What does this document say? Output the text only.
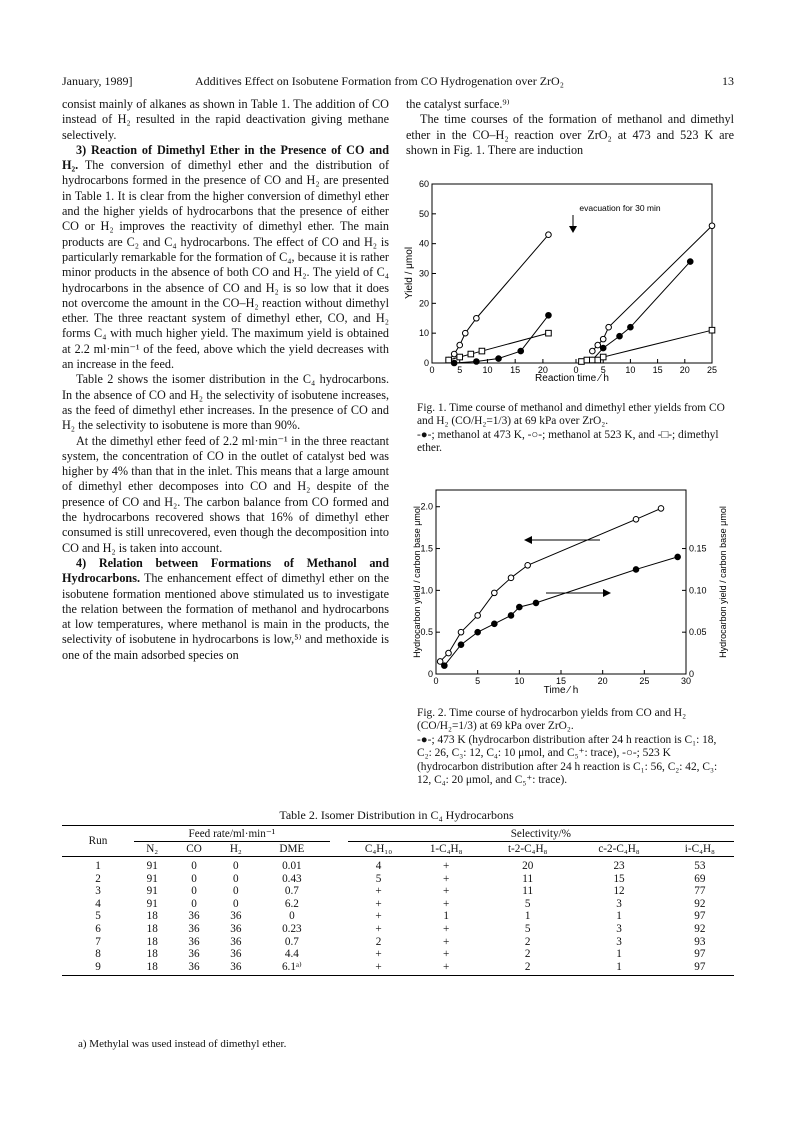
January, 1989]	Additives Effect on Isobutene Formation from CO Hydrogenation over ZrO₂	13

consist mainly of alkanes as shown in Table 1. The addition of CO instead of H₂ resulted in the rapid deactivation giving methane selectively.

3) Reaction of Dimethyl Ether in the Presence of CO and H₂. The conversion of dimethyl ether and the distribution of hydrocarbons formed in the presence of CO and H₂ are presented in Table 1. It is clear from the higher conversion of dimethyl ether and the higher yields of hydrocarbons that the presence of either CO or H₂ improves the reactivity of dimethyl ether. The main products are C₂ and C₄ hydrocarbons. The effect of CO and H₂ is particularly remarkable for the formation of C₄, because it is rather minor products in the absence of both CO and H₂. The yield of C₄ hydrocarbons in the absence of CO and H₂ is so low that it does not overcome the amount in the CO–H₂ reaction without dimethyl ether. The three reactant system of dimethyl ether, CO, and H₂ forms C₄ with much higher yield. The maximum yield is obtained at 2.2 ml·min⁻¹ of the feed, above which the yield decreases with an increase in the feed.

Table 2 shows the isomer distribution in the C₄ hydrocarbons. In the absence of CO and H₂ the selectivity of isobutene increases, as the feed of dimethyl ether increases. In the presence of CO and H₂ the selectivity to isobutene is more than 90%.

At the dimethyl ether feed of 2.2 ml·min⁻¹ in the three reactant system, the concentration of CO in the outlet of catalyst bed was higher by 4% than that in the inlet. This means that a large amount of dimethyl ether decomposes into CO and H₂ despite of the presence of CO and H₂. The carbon balance from CO formed and the hydrocarbons recovered shows that 16% of dimethyl ether consumed is still unrecovered, even though the decomposition into CO and H₂ is taken into account.

4) Relation between Formations of Methanol and Hydrocarbons. The enhancement effect of dimethyl ether on the isobutene formation mentioned above stimulated us to investigate the relation between the formation of methanol and hydrocarbons at low temperatures, where methanol is main in the products, the selectivity of isobutene in hydrocarbons is low,⁵⁾ and methoxide is one of the main adsorbed species on

the catalyst surface.⁹⁾

The time courses of the formation of methanol and dimethyl ether in the CO–H₂ reaction over ZrO₂ at 473 and 523 K are shown in Fig. 1. There are induction

0
10
20
30
40
50
60
0	5 10 15 20	0 5 10 15 20 25
Reaction time ⁄ h
Yield / μmol
evacuation for 30 min

Fig. 1. Time course of methanol and dimethyl ether yields from CO and H₂ (CO/H₂=1/3) at 69 kPa over ZrO₂.

-●-; methanol at 473 K, -○-; methanol at 523 K, and -□-; dimethyl ether.

0
0.5
1.0
1.5
2.0
0
0.05
0.10
0.15
0	5	10	15	20	25	30
Time ⁄ h
Hydrocarbon yield / carbon base μmol	Hydrocarbon yield / carbon base μmol

Fig. 2. Time course of hydrocarbon yields from CO and H₂ (CO/H₂=1/3) at 69 kPa over ZrO₂.

-●-; 473 K (hydrocarbon distribution after 24 h reaction is C₁: 18, C₂: 26, C₃: 12, C₄: 10 μmol, and C₅⁺: trace), -○-; 523 K (hydrocarbon distribution after 24 h reaction is C₁: 56, C₂: 42, C₃: 12, C₄: 20 μmol, and C₅⁺: trace).

Table 2. Isomer Distribution in C₄ Hydrocarbons
Run	Feed rate/ml·min⁻¹					Selectivity/%				
	N₂	CO	H₂	DME		C₄H₁₀	1-C₄H₈	t-2-C₄H₈	c-2-C₄H₈	i-C₄H₈
1	91	0	0	0.01		4	+	20	23	53
2	91	0	0	0.43		5	+	11	15	69
3	91	0	0	0.7		+	+	11	12	77
4	91	0	0	6.2		+	+	5	3	92
5	18	36	36	0		+	1	1	1	97
6	18	36	36	0.23		+	+	5	3	92
7	18	36	36	0.7		2	+	2	3	93
8	18	36	36	4.4		+	+	2	1	97
9	18	36	36	6.1ᵃ⁾		+	+	2	1	97
a) Methylal was used instead of dimethyl ether.
